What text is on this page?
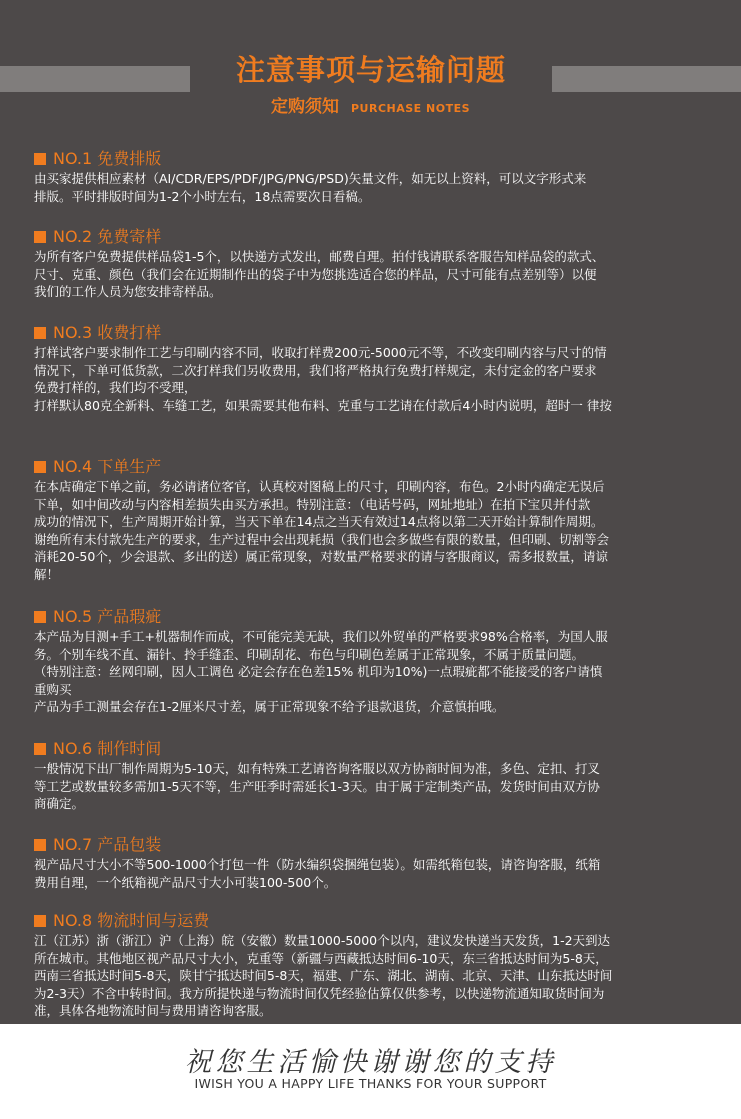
注意事项与运输问题
定购须知 PURCHASE NOTES
NO.1 免费排版
由买家提供相应素材（AI/CDR/EPS/PDF/JPG/PNG/PSD)矢量文件，如无以上资料，可以文字形式来
排版。平时排版时间为1-2个小时左右，18点需要次日看稿。
NO.2 免费寄样
为所有客户免费提供样品袋1-5个，以快递方式发出，邮费自理。拍付钱请联系客服告知样品袋的款式、
尺寸、克重、颜色（我们会在近期制作出的袋子中为您挑选适合您的样品，尺寸可能有点差别等）以便
我们的工作人员为您安排寄样品。
NO.3 收费打样
打样试客户要求制作工艺与印刷内容不同，收取打样费200元-5000元不等，不改变印刷内容与尺寸的情
情况下，下单可低货款，二次打样我们另收费用，我们将严格执行免费打样规定，未付定金的客户要求
免费打样的，我们均不受理，
打样默认80克全新料、车缝工艺，如果需要其他布料、克重与工艺请在付款后4小时内说明，超时一 律按
NO.4 下单生产
在本店确定下单之前，务必请诸位客官，认真校对图稿上的尺寸，印刷内容，布色。2小时内确定无误后
下单，如中间改动与内容相差损失由买方承担。特别注意：（电话号码，网址地址）在拍下宝贝并付款
成功的情况下，生产周期开始计算，当天下单在14点之当天有效过14点将以第二天开始计算制作周期。
谢绝所有未付款先生产的要求，生产过程中会出现耗损（我们也会多做些有限的数量，但印刷、切割等会
消耗20-50个，少会退款、多出的送）属正常现象，对数量严格要求的请与客服商议，需多报数量，请谅
解！
NO.5 产品瑕疵
本产品为目测+手工+机器制作而成，不可能完美无缺，我们以外贸单的严格要求98%合格率，为国人服
务。个别车线不直、漏针、拎手缝歪、印刷刮花、布色与印刷色差属于正常现象，不属于质量问题。
（特别注意：丝网印刷，因人工调色 必定会存在色差15% 机印为10%)一点瑕疵都不能接受的客户请慎
重购买
产品为手工测量会存在1-2厘米尺寸差，属于正常现象不给予退款退货，介意慎拍哦。
NO.6 制作时间
一般情况下出厂制作周期为5-10天，如有特殊工艺请咨询客服以双方协商时间为准，多色、定扣、打叉
等工艺或数量较多需加1-5天不等，生产旺季时需延长1-3天。由于属于定制类产品，发货时间由双方协
商确定。
NO.7 产品包装
视产品尺寸大小不等500-1000个打包一件（防水编织袋捆绳包装）。如需纸箱包装，请咨询客服，纸箱
费用自理，一个纸箱视产品尺寸大小可装100-500个。
NO.8 物流时间与运费
江（江苏）浙（浙江）沪（上海）皖（安徽）数量1000-5000个以内，建议发快递当天发货，1-2天到达
所在城市。其他地区视产品尺寸大小，克重等（新疆与西藏抵达时间6-10天，东三省抵达时间为5-8天，
西南三省抵达时间5-8天，陕甘宁抵达时间5-8天，福建、广东、湖北、湖南、北京、天津、山东抵达时间
为2-3天）不含中转时间。我方所提快递与物流时间仅凭经验估算仅供参考，以快递物流通知取货时间为
准，具体各地物流时间与费用请咨询客服。
祝您生活愉快谢谢您的支持
IWISH YOU A HAPPY LIFE THANKS FOR YOUR SUPPORT
